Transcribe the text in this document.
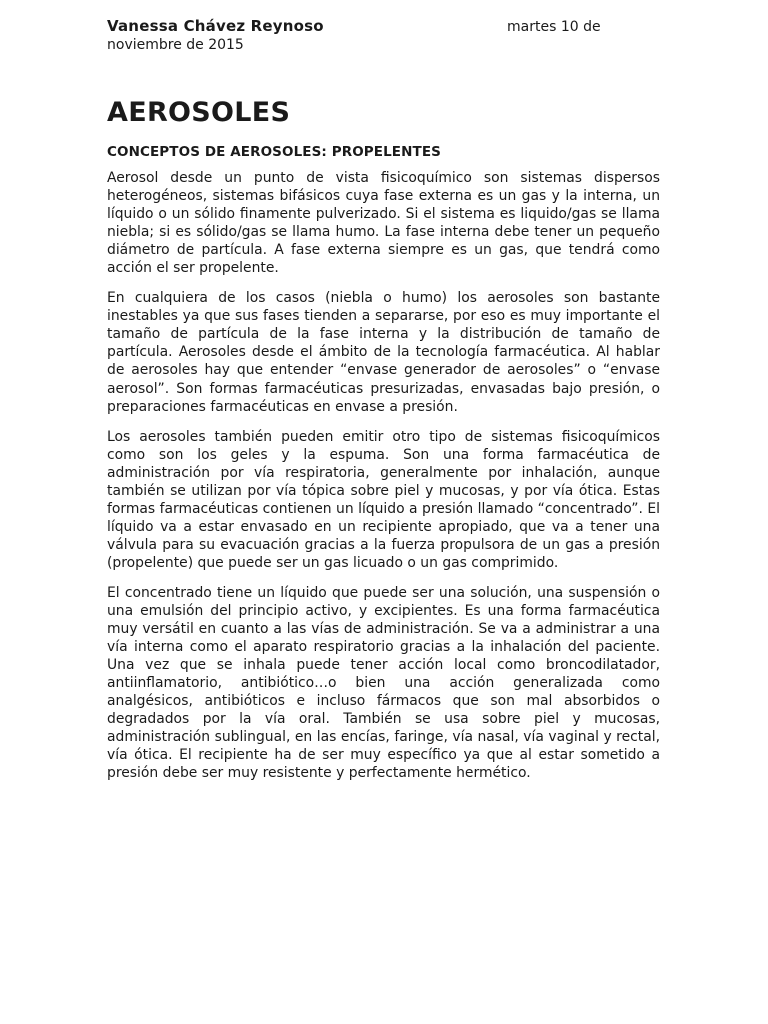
Vanessa Chávez Reynoso	martes 10 de
noviembre de 2015
AEROSOLES
CONCEPTOS DE AEROSOLES: PROPELENTES

Aerosol desde un punto de vista fisicoquímico son sistemas dispersos heterogéneos, sistemas bifásicos cuya fase externa es un gas y la interna, un líquido o un sólido finamente pulverizado. Si el sistema es liquido/gas se llama niebla; si es sólido/gas se llama humo. La fase interna debe tener un pequeño diámetro de partícula. A fase externa siempre es un gas, que tendrá como acción el ser propelente.

En cualquiera de los casos (niebla o humo) los aerosoles son bastante inestables ya que sus fases tienden a separarse, por eso es muy importante el tamaño de partícula de la fase interna y la distribución de tamaño de partícula. Aerosoles desde el ámbito de la tecnología farmacéutica. Al hablar de aerosoles hay que entender “envase generador de aerosoles” o “envase aerosol”. Son formas farmacéuticas presurizadas, envasadas bajo presión, o preparaciones farmacéuticas en envase a presión.

Los aerosoles también pueden emitir otro tipo de sistemas fisicoquímicos como son los geles y la espuma. Son una forma farmacéutica de administración por vía respiratoria, generalmente por inhalación, aunque también se utilizan por vía tópica sobre piel y mucosas, y por vía ótica. Estas formas farmacéuticas contienen un líquido a presión llamado “concentrado”. El líquido va a estar envasado en un recipiente apropiado, que va a tener una válvula para su evacuación gracias a la fuerza propulsora de un gas a presión (propelente) que puede ser un gas licuado o un gas comprimido.

El concentrado tiene un líquido que puede ser una solución, una suspensión o una emulsión del principio activo, y excipientes. Es una forma farmacéutica muy versátil en cuanto a las vías de administración. Se va a administrar a una vía interna como el aparato respiratorio gracias a la inhalación del paciente. Una vez que se inhala puede tener acción local como broncodilatador, antiinflamatorio, antibiótico…o bien una acción generalizada como analgésicos, antibióticos e incluso fármacos que son mal absorbidos o degradados por la vía oral. También se usa sobre piel y mucosas, administración sublingual, en las encías, faringe, vía nasal, vía vaginal y rectal, vía ótica. El recipiente ha de ser muy específico ya que al estar sometido a presión debe ser muy resistente y perfectamente hermético.
